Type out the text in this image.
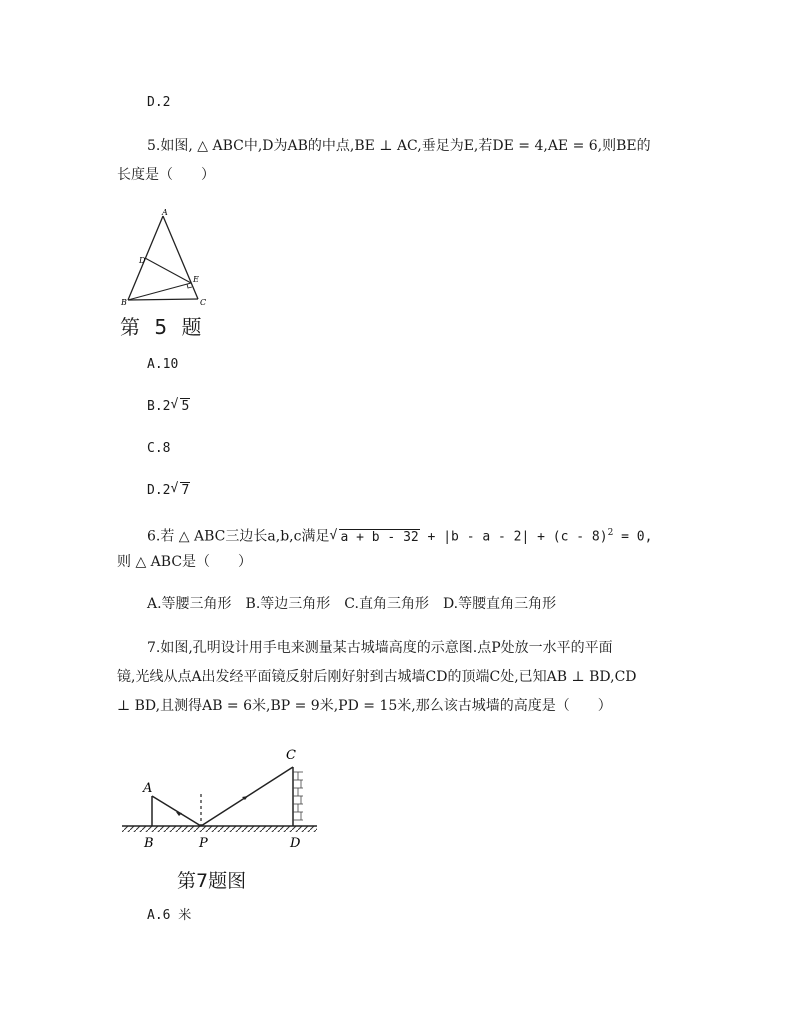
D.2
5.如图, △ ABC中,D为AB的中点,BE ⊥ AC,垂足为E,若DE = 4,AE = 6,则BE的
长度是（　　）
A
D
E
B	C
第 5 题
A.10
B.2 √ 5
C.8
D.2 √ 7
6.若 △ ABC三边长a,b,c满足 √ a + b - 32 + |b - a - 2| + (c - 8)$^2$ = 0,
则 △ ABC是（　　）
A.等腰三角形　B.等边三角形　C.直角三角形　D.等腰直角三角形
7.如图,孔明设计用手电来测量某古城墙高度的示意图.点P处放一水平的平面
镜,光线从点A出发经平面镜反射后刚好射到古城墙CD的顶端C处,已知AB ⊥ BD,CD
⊥ BD,且测得AB = 6米,BP = 9米,PD = 15米,那么该古城墙的高度是（　　）
A
C
B	P	D
第7题图
A.6 米
